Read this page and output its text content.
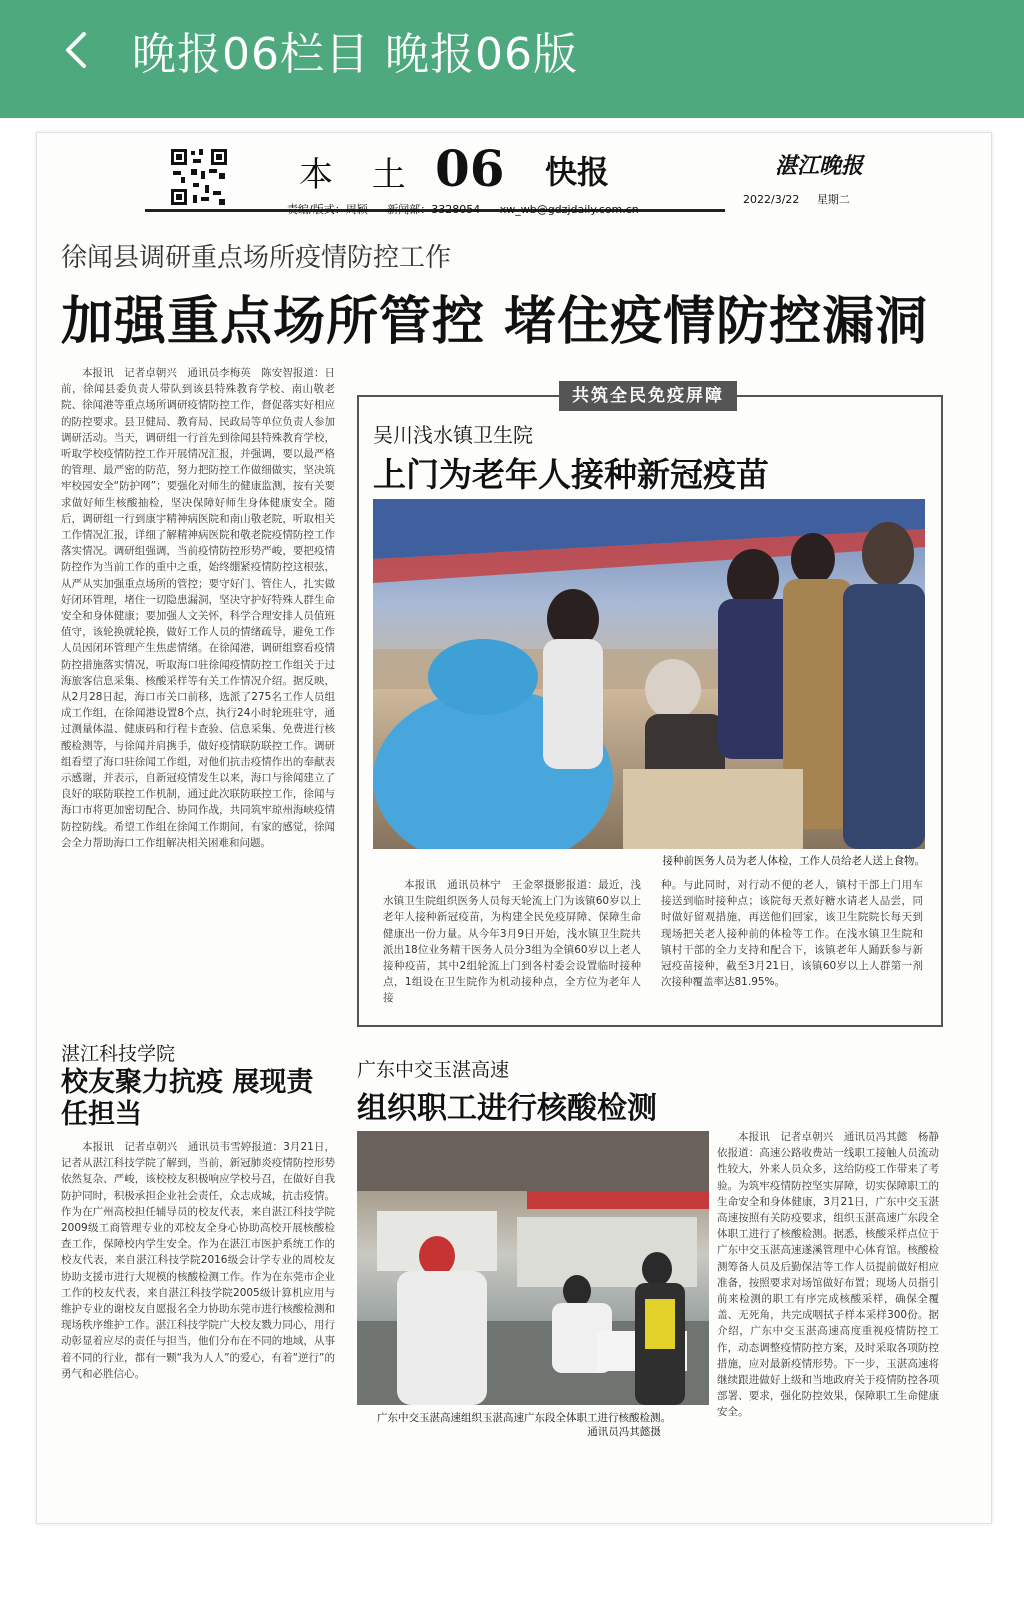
晚报06栏目 晚报06版
本 土 06 快报	湛江晚报
2022/3/22 星期二
责编/版式：周颖 新闻部：3328054 xw_wb@gdzjdaily.com.cn
徐闻县调研重点场所疫情防控工作
加强重点场所管控 堵住疫情防控漏洞

本报讯　记者卓朝兴　通讯员李梅英　陈安智报道：日前，徐闻县委负责人带队到该县特殊教育学校、南山敬老院、徐闻港等重点场所调研疫情防控工作，督促落实好相应的防控要求。县卫健局、教育局、民政局等单位负责人参加调研活动。当天，调研组一行首先到徐闻县特殊教育学校，听取学校疫情防控工作开展情况汇报，并强调，要以最严格的管理、最严密的防范，努力把防控工作做细做实，坚决筑牢校园安全“防护网”；要强化对师生的健康监测，按有关要求做好师生核酸抽检，坚决保障好师生身体健康安全。随后，调研组一行到康宇精神病医院和南山敬老院，听取相关工作情况汇报，详细了解精神病医院和敬老院疫情防控工作落实情况。调研组强调，当前疫情防控形势严峻，要把疫情防控作为当前工作的重中之重，始终绷紧疫情防控这根弦，从严从实加强重点场所的管控；要守好门、管住人，扎实做好闭环管理，堵住一切隐患漏洞，坚决守护好特殊人群生命安全和身体健康；要加强人文关怀，科学合理安排人员值班值守，该轮换就轮换，做好工作人员的情绪疏导，避免工作人员因闭环管理产生焦虑情绪。在徐闻港，调研组察看疫情防控措施落实情况，听取海口驻徐闻疫情防控工作组关于过海旅客信息采集、核酸采样等有关工作情况介绍。据反映，从2月28日起，海口市关口前移，选派了275名工作人员组成工作组，在徐闻港设置8个点，执行24小时轮班驻守，通过测量体温、健康码和行程卡查验、信息采集、免费进行核酸检测等，与徐闻并肩携手，做好疫情联防联控工作。调研组看望了海口驻徐闻工作组，对他们抗击疫情作出的奉献表示感谢，并表示，自新冠疫情发生以来，海口与徐闻建立了良好的联防联控工作机制，通过此次联防联控工作，徐闻与海口市将更加密切配合、协同作战，共同筑牢琼州海峡疫情防控防线。希望工作组在徐闻工作期间，有家的感觉，徐闻会全力帮助海口工作组解决相关困难和问题。

共筑全民免疫屏障
吴川浅水镇卫生院
上门为老年人接种新冠疫苗
接种前医务人员为老人体检，工作人员给老人送上食物。

本报讯　通讯员林宁　王金翠摄影报道：最近，浅水镇卫生院组织医务人员每天轮流上门为该镇60岁以上老年人接种新冠疫苗，为构建全民免疫屏障、保障生命健康出一份力量。从今年3月9日开始，浅水镇卫生院共派出18位业务精干医务人员分3组为全镇60岁以上老人接种疫苗，其中2组轮流上门到各村委会设置临时接种点，1组设在卫生院作为机动接种点，全方位为老年人接

种。与此同时，对行动不便的老人，镇村干部上门用车接送到临时接种点；该院每天煮好糖水请老人品尝，同时做好留观措施，再送他们回家，该卫生院院长每天到现场把关老人接种前的体检等工作。在浅水镇卫生院和镇村干部的全力支持和配合下，该镇老年人踊跃参与新冠疫苗接种，截至3月21日，该镇60岁以上人群第一剂次接种覆盖率达81.95%。

湛江科技学院
校友聚力抗疫 展现责任担当

本报讯　记者卓朝兴　通讯员韦雪婷报道：3月21日，记者从湛江科技学院了解到，当前，新冠肺炎疫情防控形势依然复杂、严峻，该校校友积极响应学校号召，在做好自我防护同时，积极承担企业社会责任，众志成城，抗击疫情。作为在广州高校担任辅导员的校友代表，来自湛江科技学院2009级工商管理专业的邓校友全身心协助高校开展核酸检查工作，保障校内学生安全。作为在湛江市医护系统工作的校友代表，来自湛江科技学院2016级会计学专业的周校友协助支援市进行大规模的核酸检测工作。作为在东莞市企业工作的校友代表，来自湛江科技学院2005级计算机应用与维护专业的谢校友自愿报名全力协助东莞市进行核酸检测和现场秩序维护工作。湛江科技学院广大校友戮力同心，用行动彰显着应尽的责任与担当，他们分布在不同的地域，从事着不同的行业，都有一颗“我为人人”的爱心，有着“逆行”的勇气和必胜信心。

广东中交玉湛高速
组织职工进行核酸检测
广东中交玉湛高速组织玉湛高速广东段全体职工进行核酸检测。
通讯员冯其懿摄

本报讯　记者卓朝兴　通讯员冯其懿　杨静依报道：高速公路收费站一线职工接触人员流动性较大，外来人员众多，这给防疫工作带来了考验。为筑牢疫情防控坚实屏障，切实保障职工的生命安全和身体健康，3月21日，广东中交玉湛高速按照有关防疫要求，组织玉湛高速广东段全体职工进行了核酸检测。据悉，核酸采样点位于广东中交玉湛高速遂溪管理中心体育馆。核酸检测筹备人员及后勤保洁等工作人员提前做好相应准备，按照要求对场馆做好布置；现场人员指引前来检测的职工有序完成核酸采样，确保全覆盖、无死角，共完成咽拭子样本采样300份。据介绍，广东中交玉湛高速高度重视疫情防控工作，动态调整疫情防控方案，及时采取各项防控措施，应对最新疫情形势。下一步，玉湛高速将继续跟进做好上级和当地政府关于疫情防控各项部署、要求，强化防控效果，保障职工生命健康安全。
